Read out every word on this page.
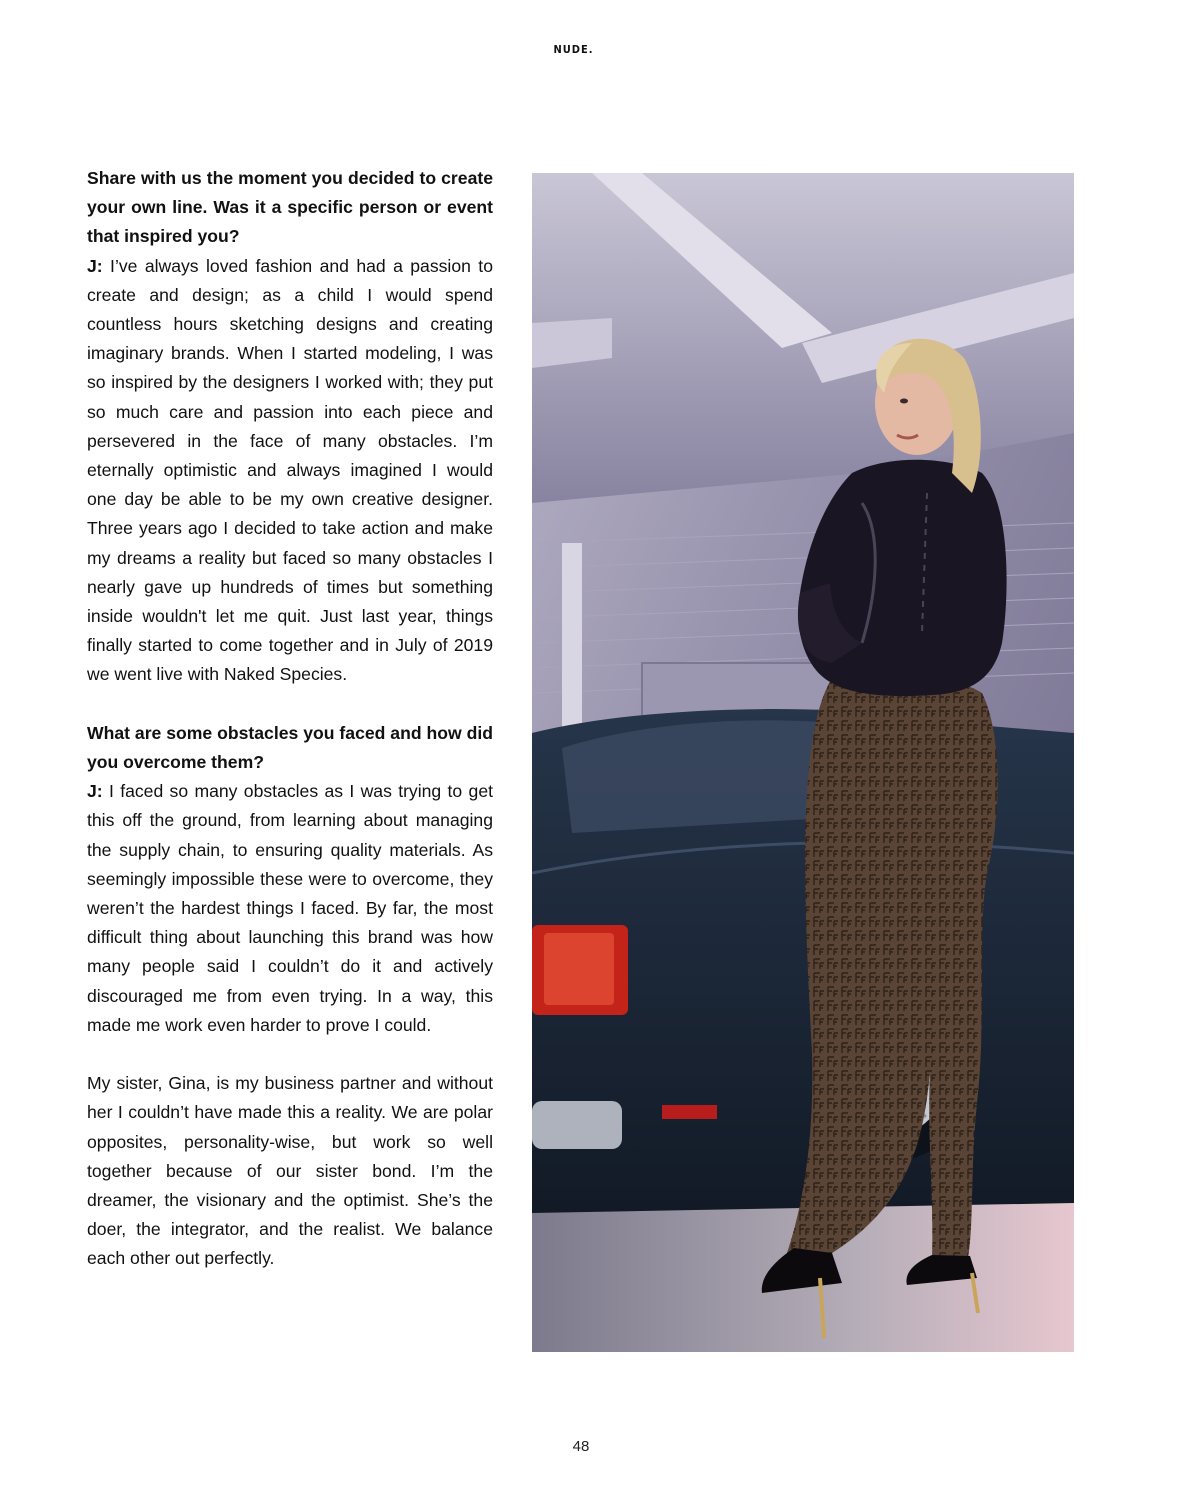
NUDE.

Share with us the moment you decided to create your own line. Was it a specific person or event that inspired you?

J: I’ve always loved fashion and had a passion to create and design; as a child I would spend countless hours sketching designs and creating imaginary brands. When I started modeling, I was so inspired by the designers I worked with; they put so much care and passion into each piece and persevered in the face of many obstacles. I’m eternally optimistic and always imagined I would one day be able to be my own creative designer. Three years ago I decided to take action and make my dreams a reality but faced so many obstacles I nearly gave up hundreds of times but something inside wouldn't let me quit. Just last year, things finally started to come together and in July of 2019 we went live with Naked Species.

What are some obstacles you faced and how did you overcome them?

J: I faced so many obstacles as I was trying to get this off the ground, from learning about managing the supply chain, to ensuring quality materials. As seemingly impossible these were to overcome, they weren’t the hardest things I faced. By far, the most difficult thing about launching this brand was how many people said I couldn’t do it and actively discouraged me from even trying. In a way, this made me work even harder to prove I could.

My sister, Gina, is my business partner and without her I couldn’t have made this a reality. We are polar opposites, personality-wise, but work so well together because of our sister bond. I’m the dreamer, the visionary and the optimist. She’s the doer, the integrator, and the realist. We balance each other out perfectly.

48
